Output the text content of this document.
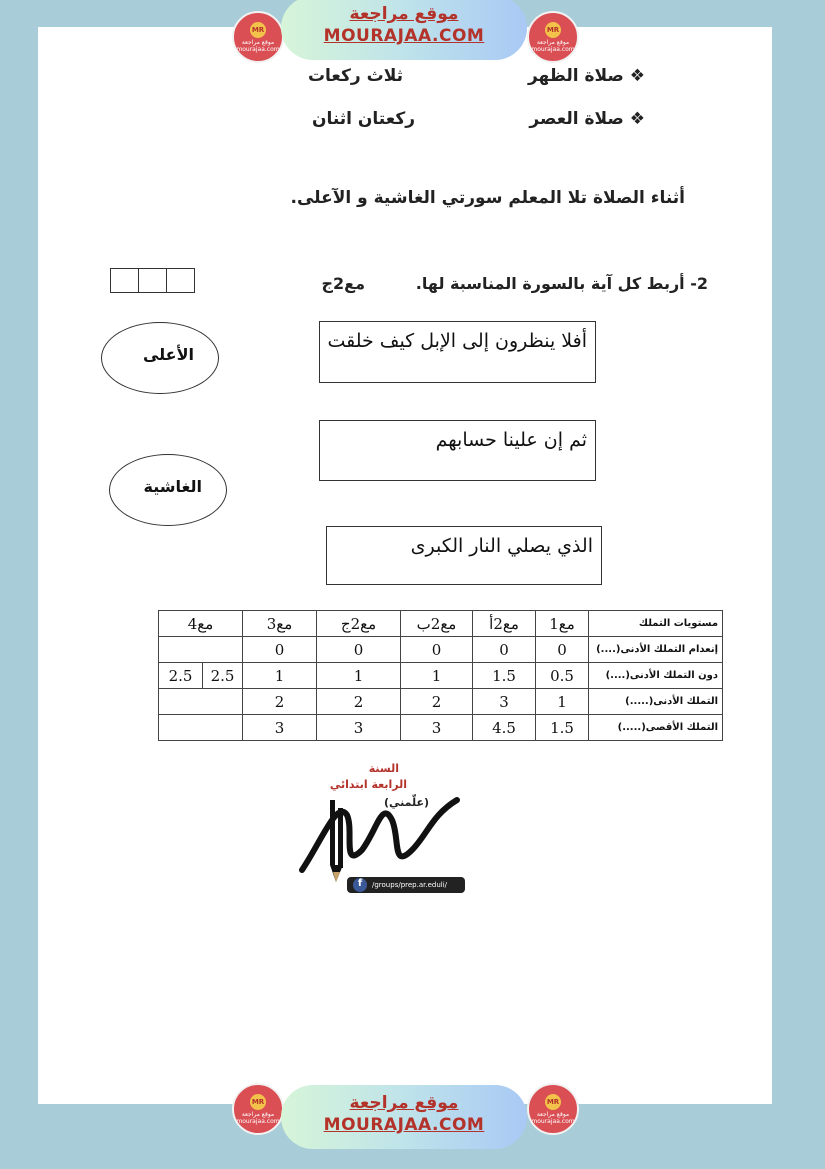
MR
موقع مراجعة mourajaa.com
موقع مراجعة
MOURAJAA.COM	MR
موقع مراجعة mourajaa.com
❖ صلاة الظهر
ثلاث ركعات
❖ صلاة العصر
ركعتان اثنان
أثناء الصلاة تلا المعلم سورتي الغاشية و الآعلى.
2- أربط كل آية بالسورة المناسبة لها.
مع2ج
أفلا ينظرون إلى الإبل كيف خلقت
ثم إن علينا حسابهم
الذي يصلي النار الكبرى
الأعلى
الغاشية
مع4		مع3	مع2ج	مع2ب	مع2أ	مع1	مستويات التملك
		0	0	0	0	0	إنعدام التملك الأدنى(....)
2.5	2.5	1	1	1	1.5	0.5	دون التملك الأدنى(....)
		2	2	2	3	1	التملك الأدنى(.....)
		3	3	3	4.5	1.5	التملك الأقصى(.....)
السنة
الرابعة ابتدائي
(علّمني)
f	/groups/prep.ar.eduli/
MR
موقع مراجعة mourajaa.com
موقع مراجعة
MOURAJAA.COM
MR
موقع مراجعة mourajaa.com
